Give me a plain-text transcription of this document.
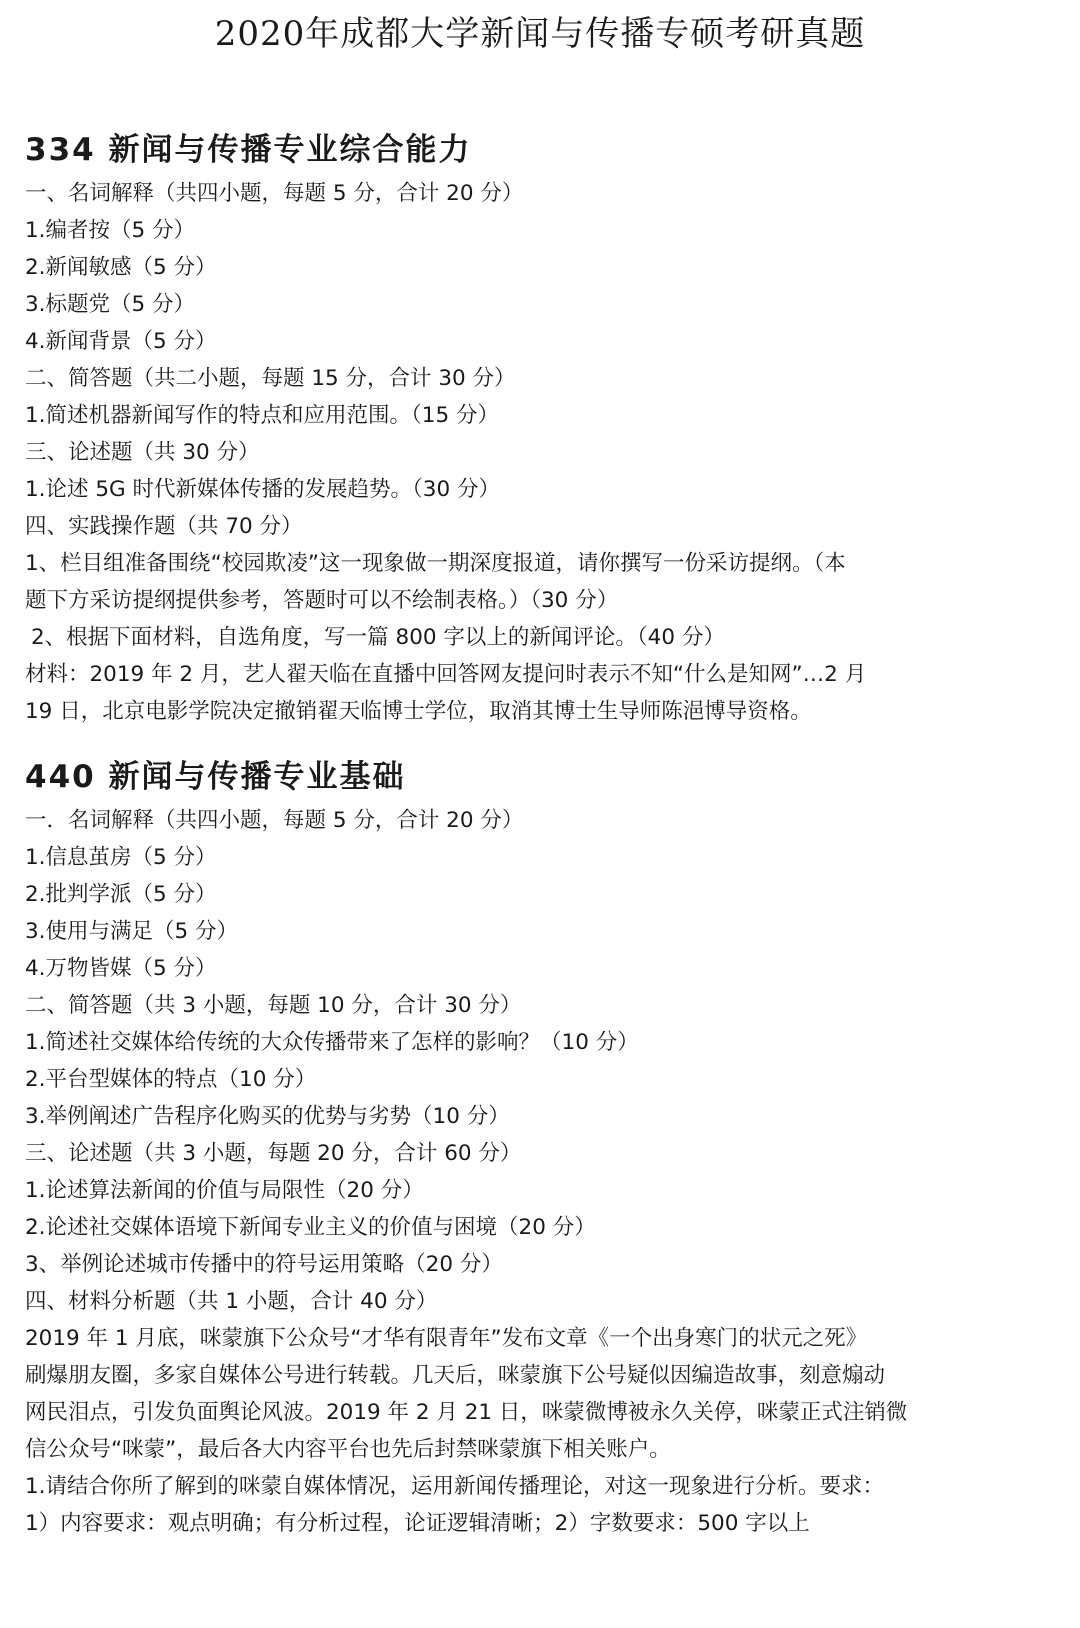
2020年成都大学新闻与传播专硕考研真题
334 新闻与传播专业综合能力
一、名词解释（共四小题，每题 5 分，合计 20 分）
1.编者按（5 分）
2.新闻敏感（5 分）
3.标题党（5 分）
4.新闻背景（5 分）
二、简答题（共二小题，每题 15 分，合计 30 分）
1.简述机器新闻写作的特点和应用范围。（15 分）
三、论述题（共 30 分）
1.论述 5G 时代新媒体传播的发展趋势。（30 分）
四、实践操作题（共 70 分）
1、栏目组准备围绕“校园欺凌”这一现象做一期深度报道，请你撰写一份采访提纲。（本
题下方采访提纲提供参考，答题时可以不绘制表格。）（30 分）
2、根据下面材料，自选角度，写一篇 800 字以上的新闻评论。（40 分）
材料：2019 年 2 月，艺人翟天临在直播中回答网友提问时表示不知“什么是知网”…2 月
19 日，北京电影学院决定撤销翟天临博士学位，取消其博士生导师陈浥博导资格。
440 新闻与传播专业基础
一．名词解释（共四小题，每题 5 分，合计 20 分）
1.信息茧房（5 分）
2.批判学派（5 分）
3.使用与满足（5 分）
4.万物皆媒（5 分）
二、简答题（共 3 小题，每题 10 分，合计 30 分）
1.简述社交媒体给传统的大众传播带来了怎样的影响？（10 分）
2.平台型媒体的特点（10 分）
3.举例阐述广告程序化购买的优势与劣势（10 分）
三、论述题（共 3 小题，每题 20 分，合计 60 分）
1.论述算法新闻的价值与局限性（20 分）
2.论述社交媒体语境下新闻专业主义的价值与困境（20 分）
3、举例论述城市传播中的符号运用策略（20 分）
四、材料分析题（共 1 小题，合计 40 分）
2019 年 1 月底，咪蒙旗下公众号“才华有限青年”发布文章《一个出身寒门的状元之死》
刷爆朋友圈，多家自媒体公号进行转载。几天后，咪蒙旗下公号疑似因编造故事，刻意煽动
网民泪点，引发负面舆论风波。2019 年 2 月 21 日，咪蒙微博被永久关停，咪蒙正式注销微
信公众号“咪蒙”，最后各大内容平台也先后封禁咪蒙旗下相关账户。
1.请结合你所了解到的咪蒙自媒体情况，运用新闻传播理论，对这一现象进行分析。要求：
1）内容要求：观点明确；有分析过程，论证逻辑清晰；2）字数要求：500 字以上
